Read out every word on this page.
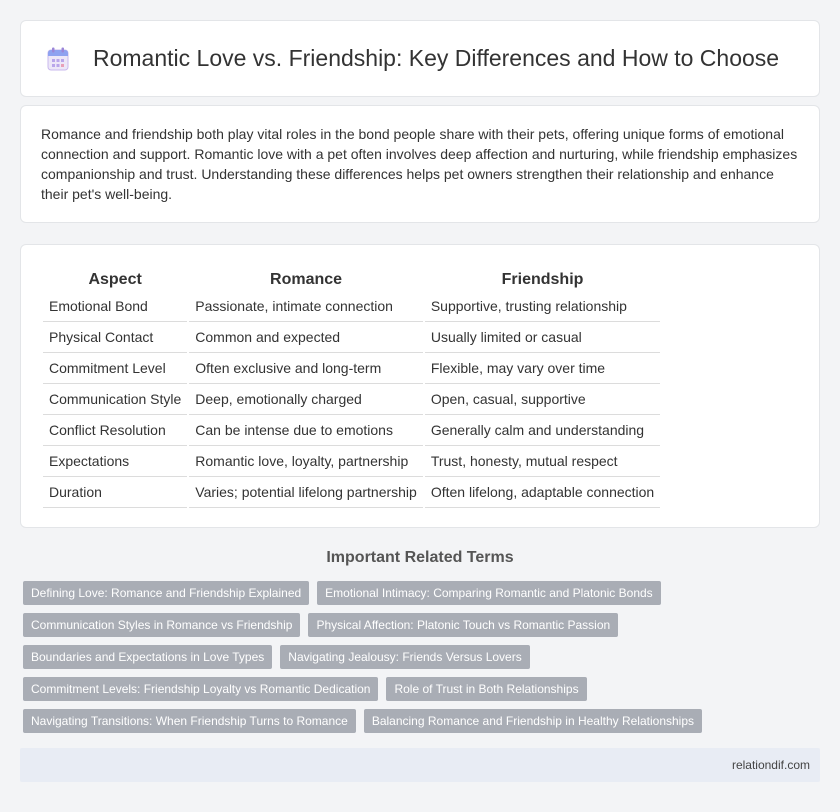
Romantic Love vs. Friendship: Key Differences and How to Choose

Romance and friendship both play vital roles in the bond people share with their pets, offering unique forms of emotional connection and support. Romantic love with a pet often involves deep affection and nurturing, while friendship emphasizes companionship and trust. Understanding these differences helps pet owners strengthen their relationship and enhance their pet's well-being.

Aspect	Romance	Friendship
Emotional Bond	Passionate, intimate connection	Supportive, trusting relationship
Physical Contact	Common and expected	Usually limited or casual
Commitment Level	Often exclusive and long-term	Flexible, may vary over time
Communication Style	Deep, emotionally charged	Open, casual, supportive
Conflict Resolution	Can be intense due to emotions	Generally calm and understanding
Expectations	Romantic love, loyalty, partnership	Trust, honesty, mutual respect
Duration	Varies; potential lifelong partnership	Often lifelong, adaptable connection
Important Related Terms
Defining Love: Romance and Friendship Explained	Emotional Intimacy: Comparing Romantic and Platonic Bonds
Communication Styles in Romance vs Friendship	Physical Affection: Platonic Touch vs Romantic Passion
Boundaries and Expectations in Love Types	Navigating Jealousy: Friends Versus Lovers
Commitment Levels: Friendship Loyalty vs Romantic Dedication	Role of Trust in Both Relationships
Navigating Transitions: When Friendship Turns to Romance	Balancing Romance and Friendship in Healthy Relationships
relationdif.com
